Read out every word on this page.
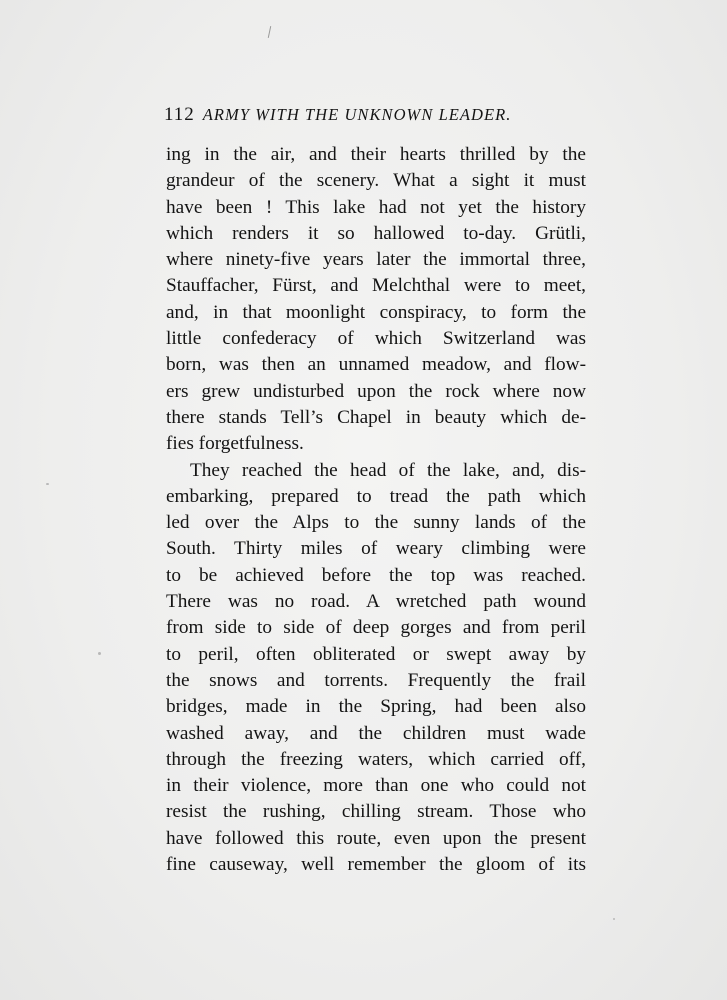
112 ARMY WITH THE UNKNOWN LEADER.
ing in the air, and their hearts thrilled by the
grandeur of the scenery. What a sight it must
have been ! This lake had not yet the history
which renders it so hallowed to-day. Grütli,
where ninety-five years later the immortal three,
Stauffacher, Fürst, and Melchthal were to meet,
and, in that moonlight conspiracy, to form the
little confederacy of which Switzerland was
born, was then an unnamed meadow, and flow-
ers grew undisturbed upon the rock where now
there stands Tell’s Chapel in beauty which de-
fies forgetfulness.
They reached the head of the lake, and, dis-
embarking, prepared to tread the path which
led over the Alps to the sunny lands of the
South. Thirty miles of weary climbing were
to be achieved before the top was reached.
There was no road. A wretched path wound
from side to side of deep gorges and from peril
to peril, often obliterated or swept away by
the snows and torrents. Frequently the frail
bridges, made in the Spring, had been also
washed away, and the children must wade
through the freezing waters, which carried off,
in their violence, more than one who could not
resist the rushing, chilling stream. Those who
have followed this route, even upon the present
fine causeway, well remember the gloom of its
